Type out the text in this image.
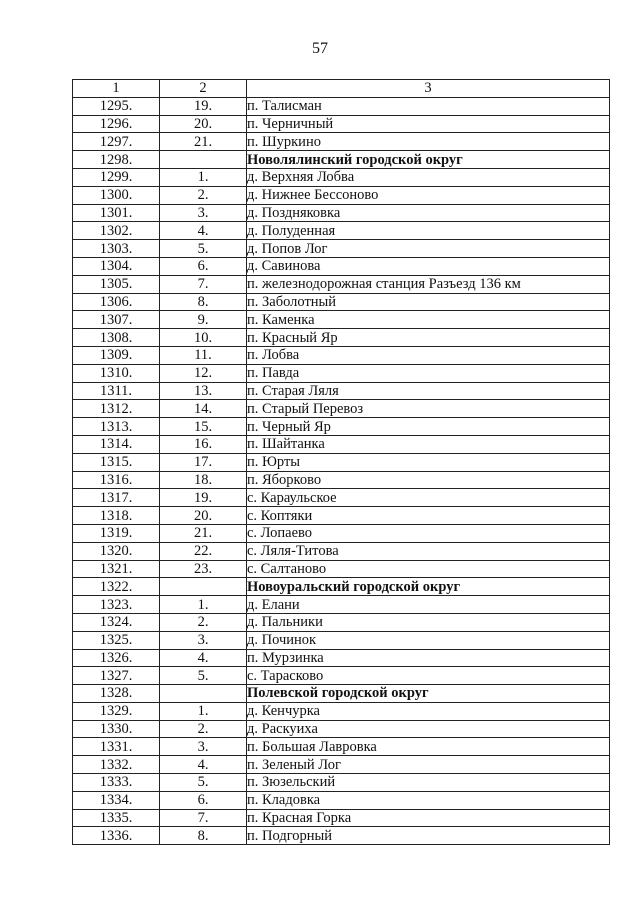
57
1	2	3
1295.	19.	п. Талисман
1296.	20.	п. Черничный
1297.	21.	п. Шуркино
1298.		Новолялинский городской округ
1299.	1.	д. Верхняя Лобва
1300.	2.	д. Нижнее Бессоново
1301.	3.	д. Поздняковка
1302.	4.	д. Полуденная
1303.	5.	д. Попов Лог
1304.	6.	д. Савинова
1305.	7.	п. железнодорожная станция Разъезд 136 км
1306.	8.	п. Заболотный
1307.	9.	п. Каменка
1308.	10.	п. Красный Яр
1309.	11.	п. Лобва
1310.	12.	п. Павда
1311.	13.	п. Старая Ляля
1312.	14.	п. Старый Перевоз
1313.	15.	п. Черный Яр
1314.	16.	п. Шайтанка
1315.	17.	п. Юрты
1316.	18.	п. Яборково
1317.	19.	с. Караульское
1318.	20.	с. Коптяки
1319.	21.	с. Лопаево
1320.	22.	с. Ляля-Титова
1321.	23.	с. Салтаново
1322.		Новоуральский городской округ
1323.	1.	д. Елани
1324.	2.	д. Пальники
1325.	3.	д. Починок
1326.	4.	п. Мурзинка
1327.	5.	с. Тарасково
1328.		Полевской городской округ
1329.	1.	д. Кенчурка
1330.	2.	д. Раскуиха
1331.	3.	п. Большая Лавровка
1332.	4.	п. Зеленый Лог
1333.	5.	п. Зюзельский
1334.	6.	п. Кладовка
1335.	7.	п. Красная Горка
1336.	8.	п. Подгорный
